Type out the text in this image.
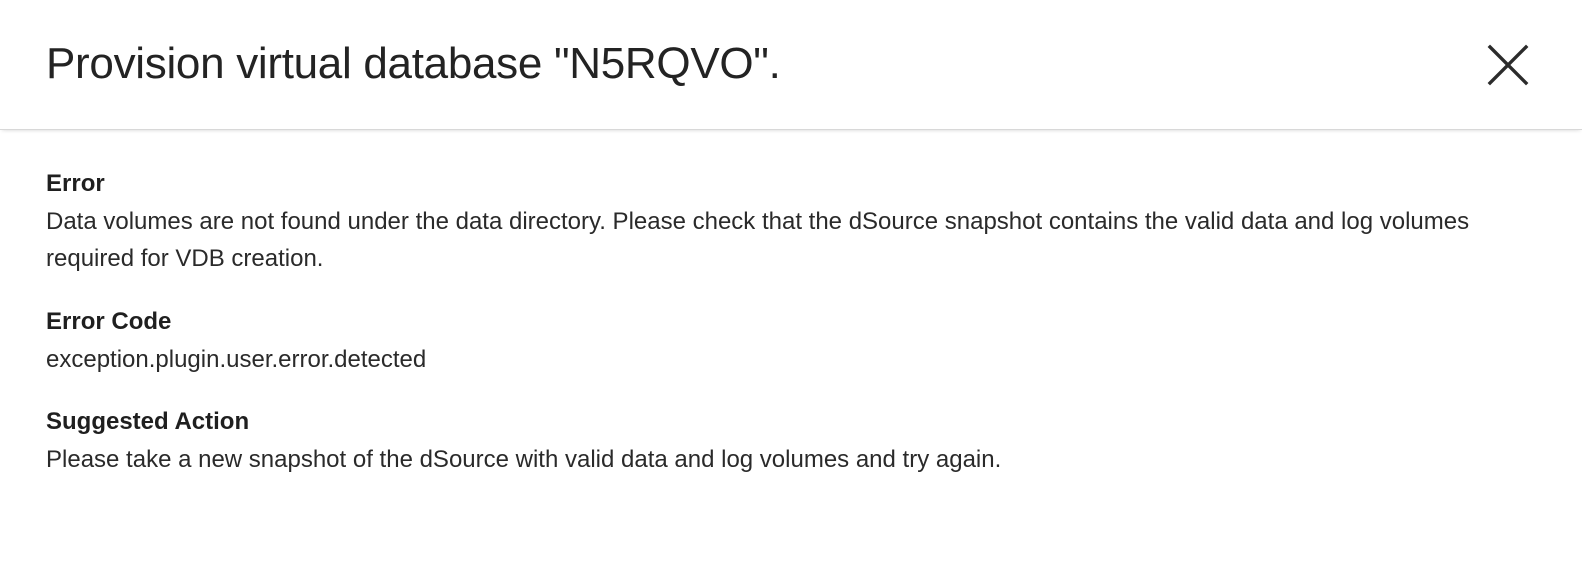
Provision virtual database "N5RQVO".
Error

Data volumes are not found under the data directory. Please check that the dSource snapshot contains the valid data and log volumes required for VDB creation.

Error Code

exception.plugin.user.error.detected

Suggested Action

Please take a new snapshot of the dSource with valid data and log volumes and try again.
